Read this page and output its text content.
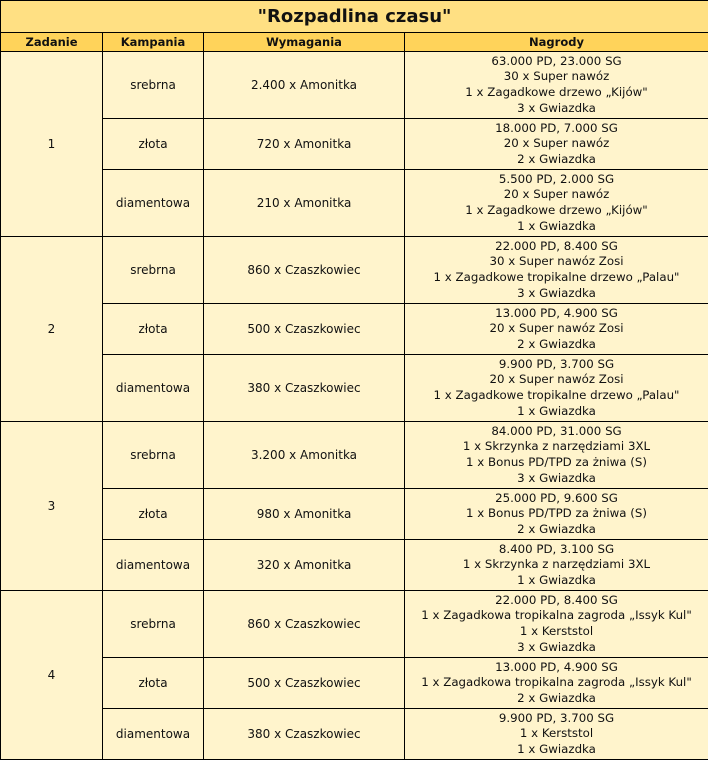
"Rozpadlina czasu"			
Zadanie	Kampania	Wymagania	Nagrody
1	srebrna	2.400 x Amonitka	63.000 PD, 23.000 SG
30 x Super nawóz
1 x Zagadkowe drzewo „Kijów"
3 x Gwiazdka

	złota	720 x Amonitka	18.000 PD, 7.000 SG
20 x Super nawóz
2 x Gwiazdka

	diamentowa	210 x Amonitka	5.500 PD, 2.000 SG
20 x Super nawóz
1 x Zagadkowe drzewo „Kijów"
1 x Gwiazdka

2	srebrna	860 x Czaszkowiec	22.000 PD, 8.400 SG
30 x Super nawóz Zosi
1 x Zagadkowe tropikalne drzewo „Palau"
3 x Gwiazdka

	złota	500 x Czaszkowiec	13.000 PD, 4.900 SG
20 x Super nawóz Zosi
2 x Gwiazdka

	diamentowa	380 x Czaszkowiec	9.900 PD, 3.700 SG
20 x Super nawóz Zosi
1 x Zagadkowe tropikalne drzewo „Palau"
1 x Gwiazdka

3	srebrna	3.200 x Amonitka	84.000 PD, 31.000 SG
1 x Skrzynka z narzędziami 3XL
1 x Bonus PD/TPD za żniwa (S)
3 x Gwiazdka

	złota	980 x Amonitka	25.000 PD, 9.600 SG
1 x Bonus PD/TPD za żniwa (S)
2 x Gwiazdka

	diamentowa	320 x Amonitka	8.400 PD, 3.100 SG
1 x Skrzynka z narzędziami 3XL
1 x Gwiazdka

4	srebrna	860 x Czaszkowiec	22.000 PD, 8.400 SG
1 x Zagadkowa tropikalna zagroda „Issyk Kul"
1 x Kerststol
3 x Gwiazdka

	złota	500 x Czaszkowiec	13.000 PD, 4.900 SG
1 x Zagadkowa tropikalna zagroda „Issyk Kul"
2 x Gwiazdka

	diamentowa	380 x Czaszkowiec	9.900 PD, 3.700 SG
1 x Kerststol
1 x Gwiazdka
